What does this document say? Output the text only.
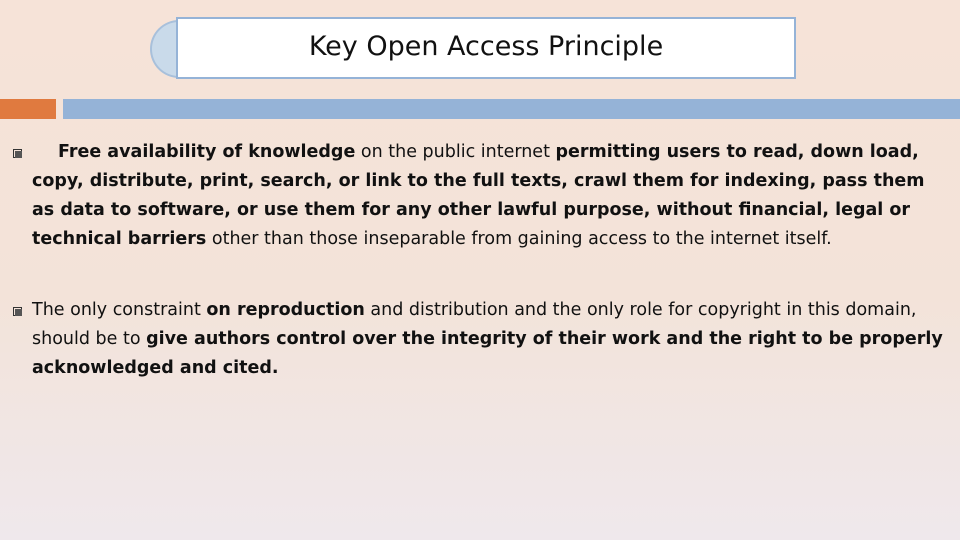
Key Open Access Principle
Free availability of knowledge on the public internet permitting users to read, down load, copy, distribute, print, search, or link to the full texts, crawl them for indexing, pass them as data to software, or use them for any other lawful purpose, without financial, legal or technical barriers other than those inseparable from gaining access to the internet itself.
The only constraint on reproduction and distribution and the only role for copyright in this domain, should be to give authors control over the integrity of their work and the right to be properly acknowledged and cited.
